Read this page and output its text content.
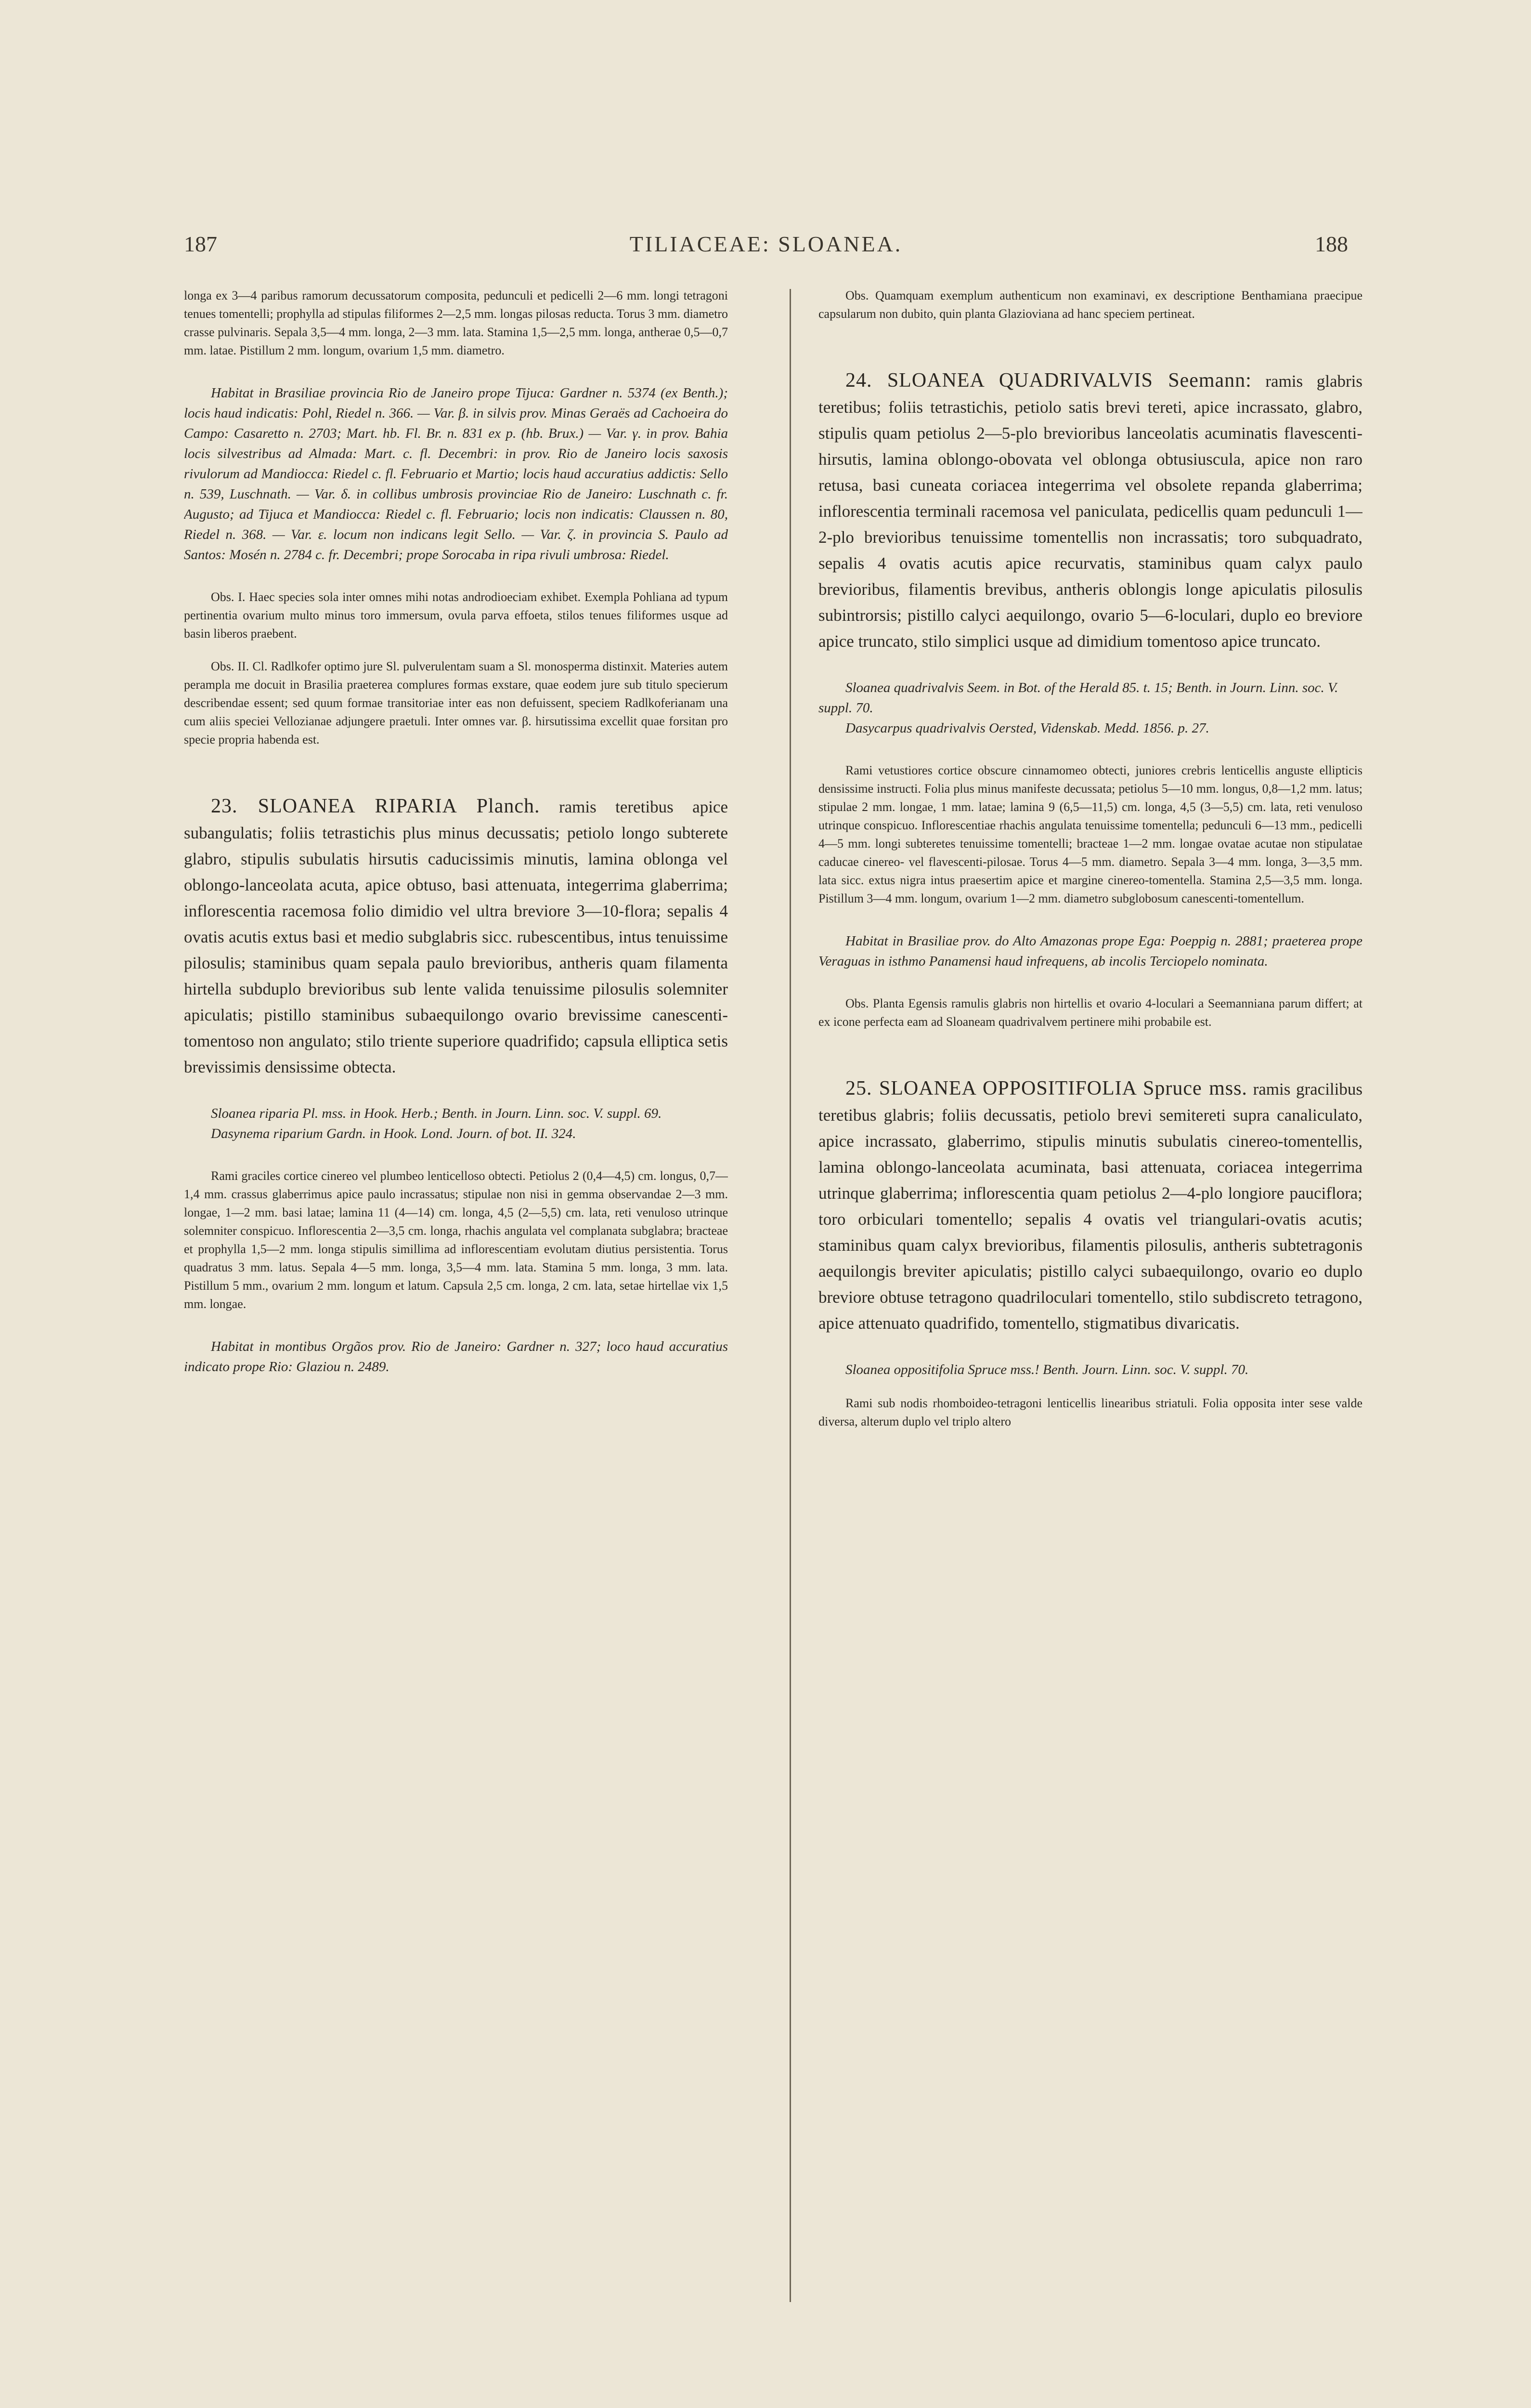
187	TILIACEAE: SLOANEA.	188

longa ex 3—4 paribus ramorum decussatorum composita, pedunculi et pedicelli 2—6 mm. longi tetragoni tenues tomentelli; prophylla ad stipulas filiformes 2—2,5 mm. longas pilosas reducta. Torus 3 mm. diametro crasse pulvinaris. Sepala 3,5—4 mm. longa, 2—3 mm. lata. Stamina 1,5—2,5 mm. longa, antherae 0,5—0,7 mm. latae. Pistillum 2 mm. longum, ovarium 1,5 mm. diametro.

Habitat in Brasiliae provincia Rio de Janeiro prope Tijuca: Gardner n. 5374 (ex Benth.); locis haud indicatis: Pohl, Riedel n. 366. — Var. β. in silvis prov. Minas Geraës ad Cachoeira do Campo: Casaretto n. 2703; Mart. hb. Fl. Br. n. 831 ex p. (hb. Brux.) — Var. γ. in prov. Bahia locis silvestribus ad Almada: Mart. c. fl. Decembri: in prov. Rio de Janeiro locis saxosis rivulorum ad Mandiocca: Riedel c. fl. Februario et Martio; locis haud accuratius addictis: Sello n. 539, Luschnath. — Var. δ. in collibus umbrosis provinciae Rio de Janeiro: Luschnath c. fr. Augusto; ad Tijuca et Mandiocca: Riedel c. fl. Februario; locis non indicatis: Claussen n. 80, Riedel n. 368. — Var. ε. locum non indicans legit Sello. — Var. ζ. in provincia S. Paulo ad Santos: Mosén n. 2784 c. fr. Decembri; prope Sorocaba in ripa rivuli umbrosa: Riedel.

Obs. I. Haec species sola inter omnes mihi notas androdioeciam exhibet. Exempla Pohliana ad typum pertinentia ovarium multo minus toro immersum, ovula parva effoeta, stilos tenues filiformes usque ad basin liberos praebent.

Obs. II. Cl. Radlkofer optimo jure Sl. pulverulentam suam a Sl. monosperma distinxit. Materies autem perampla me docuit in Brasilia praeterea complures formas exstare, quae eodem jure sub titulo specierum describendae essent; sed quum formae transitoriae inter eas non defuissent, speciem Radlkoferianam una cum aliis speciei Vellozianae adjungere praetuli. Inter omnes var. β. hirsutissima excellit quae forsitan pro specie propria habenda est.

23. SLOANEA RIPARIA Planch. ramis teretibus apice subangulatis; foliis tetrastichis plus minus decussatis; petiolo longo subterete glabro, stipulis subulatis hirsutis caducissimis minutis, lamina oblonga vel oblongo-lanceolata acuta, apice obtuso, basi attenuata, integerrima glaberrima; inflorescentia racemosa folio dimidio vel ultra breviore 3—10-flora; sepalis 4 ovatis acutis extus basi et medio subglabris sicc. rubescentibus, intus tenuissime pilosulis; staminibus quam sepala paulo brevioribus, antheris quam filamenta hirtella subduplo brevioribus sub lente valida tenuissime pilosulis solemniter apiculatis; pistillo staminibus subaequilongo ovario brevissime canescenti-tomentoso non angulato; stilo triente superiore quadrifido; capsula elliptica setis brevissimis densissime obtecta.

Sloanea riparia Pl. mss. in Hook. Herb.; Benth. in Journ. Linn. soc. V. suppl. 69.

Dasynema riparium Gardn. in Hook. Lond. Journ. of bot. II. 324.

Rami graciles cortice cinereo vel plumbeo lenticelloso obtecti. Petiolus 2 (0,4—4,5) cm. longus, 0,7—1,4 mm. crassus glaberrimus apice paulo incrassatus; stipulae non nisi in gemma observandae 2—3 mm. longae, 1—2 mm. basi latae; lamina 11 (4—14) cm. longa, 4,5 (2—5,5) cm. lata, reti venuloso utrinque solemniter conspicuo. Inflorescentia 2—3,5 cm. longa, rhachis angulata vel complanata subglabra; bracteae et prophylla 1,5—2 mm. longa stipulis simillima ad inflorescentiam evolutam diutius persistentia. Torus quadratus 3 mm. latus. Sepala 4—5 mm. longa, 3,5—4 mm. lata. Stamina 5 mm. longa, 3 mm. lata. Pistillum 5 mm., ovarium 2 mm. longum et latum. Capsula 2,5 cm. longa, 2 cm. lata, setae hirtellae vix 1,5 mm. longae.

Habitat in montibus Orgãos prov. Rio de Janeiro: Gardner n. 327; loco haud accuratius indicato prope Rio: Glaziou n. 2489.

Obs. Quamquam exemplum authenticum non examinavi, ex descriptione Benthamiana praecipue capsularum non dubito, quin planta Glazioviana ad hanc speciem pertineat.

24. SLOANEA QUADRIVALVIS Seemann: ramis glabris teretibus; foliis tetrastichis, petiolo satis brevi tereti, apice incrassato, glabro, stipulis quam petiolus 2—5-plo brevioribus lanceolatis acuminatis flavescenti-hirsutis, lamina oblongo-obovata vel oblonga obtusiuscula, apice non raro retusa, basi cuneata coriacea integerrima vel obsolete repanda glaberrima; inflorescentia terminali racemosa vel paniculata, pedicellis quam pedunculi 1—2-plo brevioribus tenuissime tomentellis non incrassatis; toro subquadrato, sepalis 4 ovatis acutis apice recurvatis, staminibus quam calyx paulo brevioribus, filamentis brevibus, antheris oblongis longe apiculatis pilosulis subintrorsis; pistillo calyci aequilongo, ovario 5—6-loculari, duplo eo breviore apice truncato, stilo simplici usque ad dimidium tomentoso apice truncato.

Sloanea quadrivalvis Seem. in Bot. of the Herald 85. t. 15; Benth. in Journ. Linn. soc. V. suppl. 70.

Dasycarpus quadrivalvis Oersted, Videnskab. Medd. 1856. p. 27.

Rami vetustiores cortice obscure cinnamomeo obtecti, juniores crebris lenticellis anguste ellipticis densissime instructi. Folia plus minus manifeste decussata; petiolus 5—10 mm. longus, 0,8—1,2 mm. latus; stipulae 2 mm. longae, 1 mm. latae; lamina 9 (6,5—11,5) cm. longa, 4,5 (3—5,5) cm. lata, reti venuloso utrinque conspicuo. Inflorescentiae rhachis angulata tenuissime tomentella; pedunculi 6—13 mm., pedicelli 4—5 mm. longi subteretes tenuissime tomentelli; bracteae 1—2 mm. longae ovatae acutae non stipulatae caducae cinereo- vel flavescenti-pilosae. Torus 4—5 mm. diametro. Sepala 3—4 mm. longa, 3—3,5 mm. lata sicc. extus nigra intus praesertim apice et margine cinereo-tomentella. Stamina 2,5—3,5 mm. longa. Pistillum 3—4 mm. longum, ovarium 1—2 mm. diametro subglobosum canescenti-tomentellum.

Habitat in Brasiliae prov. do Alto Amazonas prope Ega: Poeppig n. 2881; praeterea prope Veraguas in isthmo Panamensi haud infrequens, ab incolis Terciopelo nominata.

Obs. Planta Egensis ramulis glabris non hirtellis et ovario 4-loculari a Seemanniana parum differt; at ex icone perfecta eam ad Sloaneam quadrivalvem pertinere mihi probabile est.

25. SLOANEA OPPOSITIFOLIA Spruce mss. ramis gracilibus teretibus glabris; foliis decussatis, petiolo brevi semitereti supra canaliculato, apice incrassato, glaberrimo, stipulis minutis subulatis cinereo-tomentellis, lamina oblongo-lanceolata acuminata, basi attenuata, coriacea integerrima utrinque glaberrima; inflorescentia quam petiolus 2—4-plo longiore pauciflora; toro orbiculari tomentello; sepalis 4 ovatis vel triangulari-ovatis acutis; staminibus quam calyx brevioribus, filamentis pilosulis, antheris subtetragonis aequilongis breviter apiculatis; pistillo calyci subaequilongo, ovario eo duplo breviore obtuse tetragono quadriloculari tomentello, stilo subdiscreto tetragono, apice attenuato quadrifido, tomentello, stigmatibus divaricatis.

Sloanea oppositifolia Spruce mss.! Benth. Journ. Linn. soc. V. suppl. 70.

Rami sub nodis rhomboideo-tetragoni lenticellis linearibus striatuli. Folia opposita inter sese valde diversa, alterum duplo vel triplo altero
